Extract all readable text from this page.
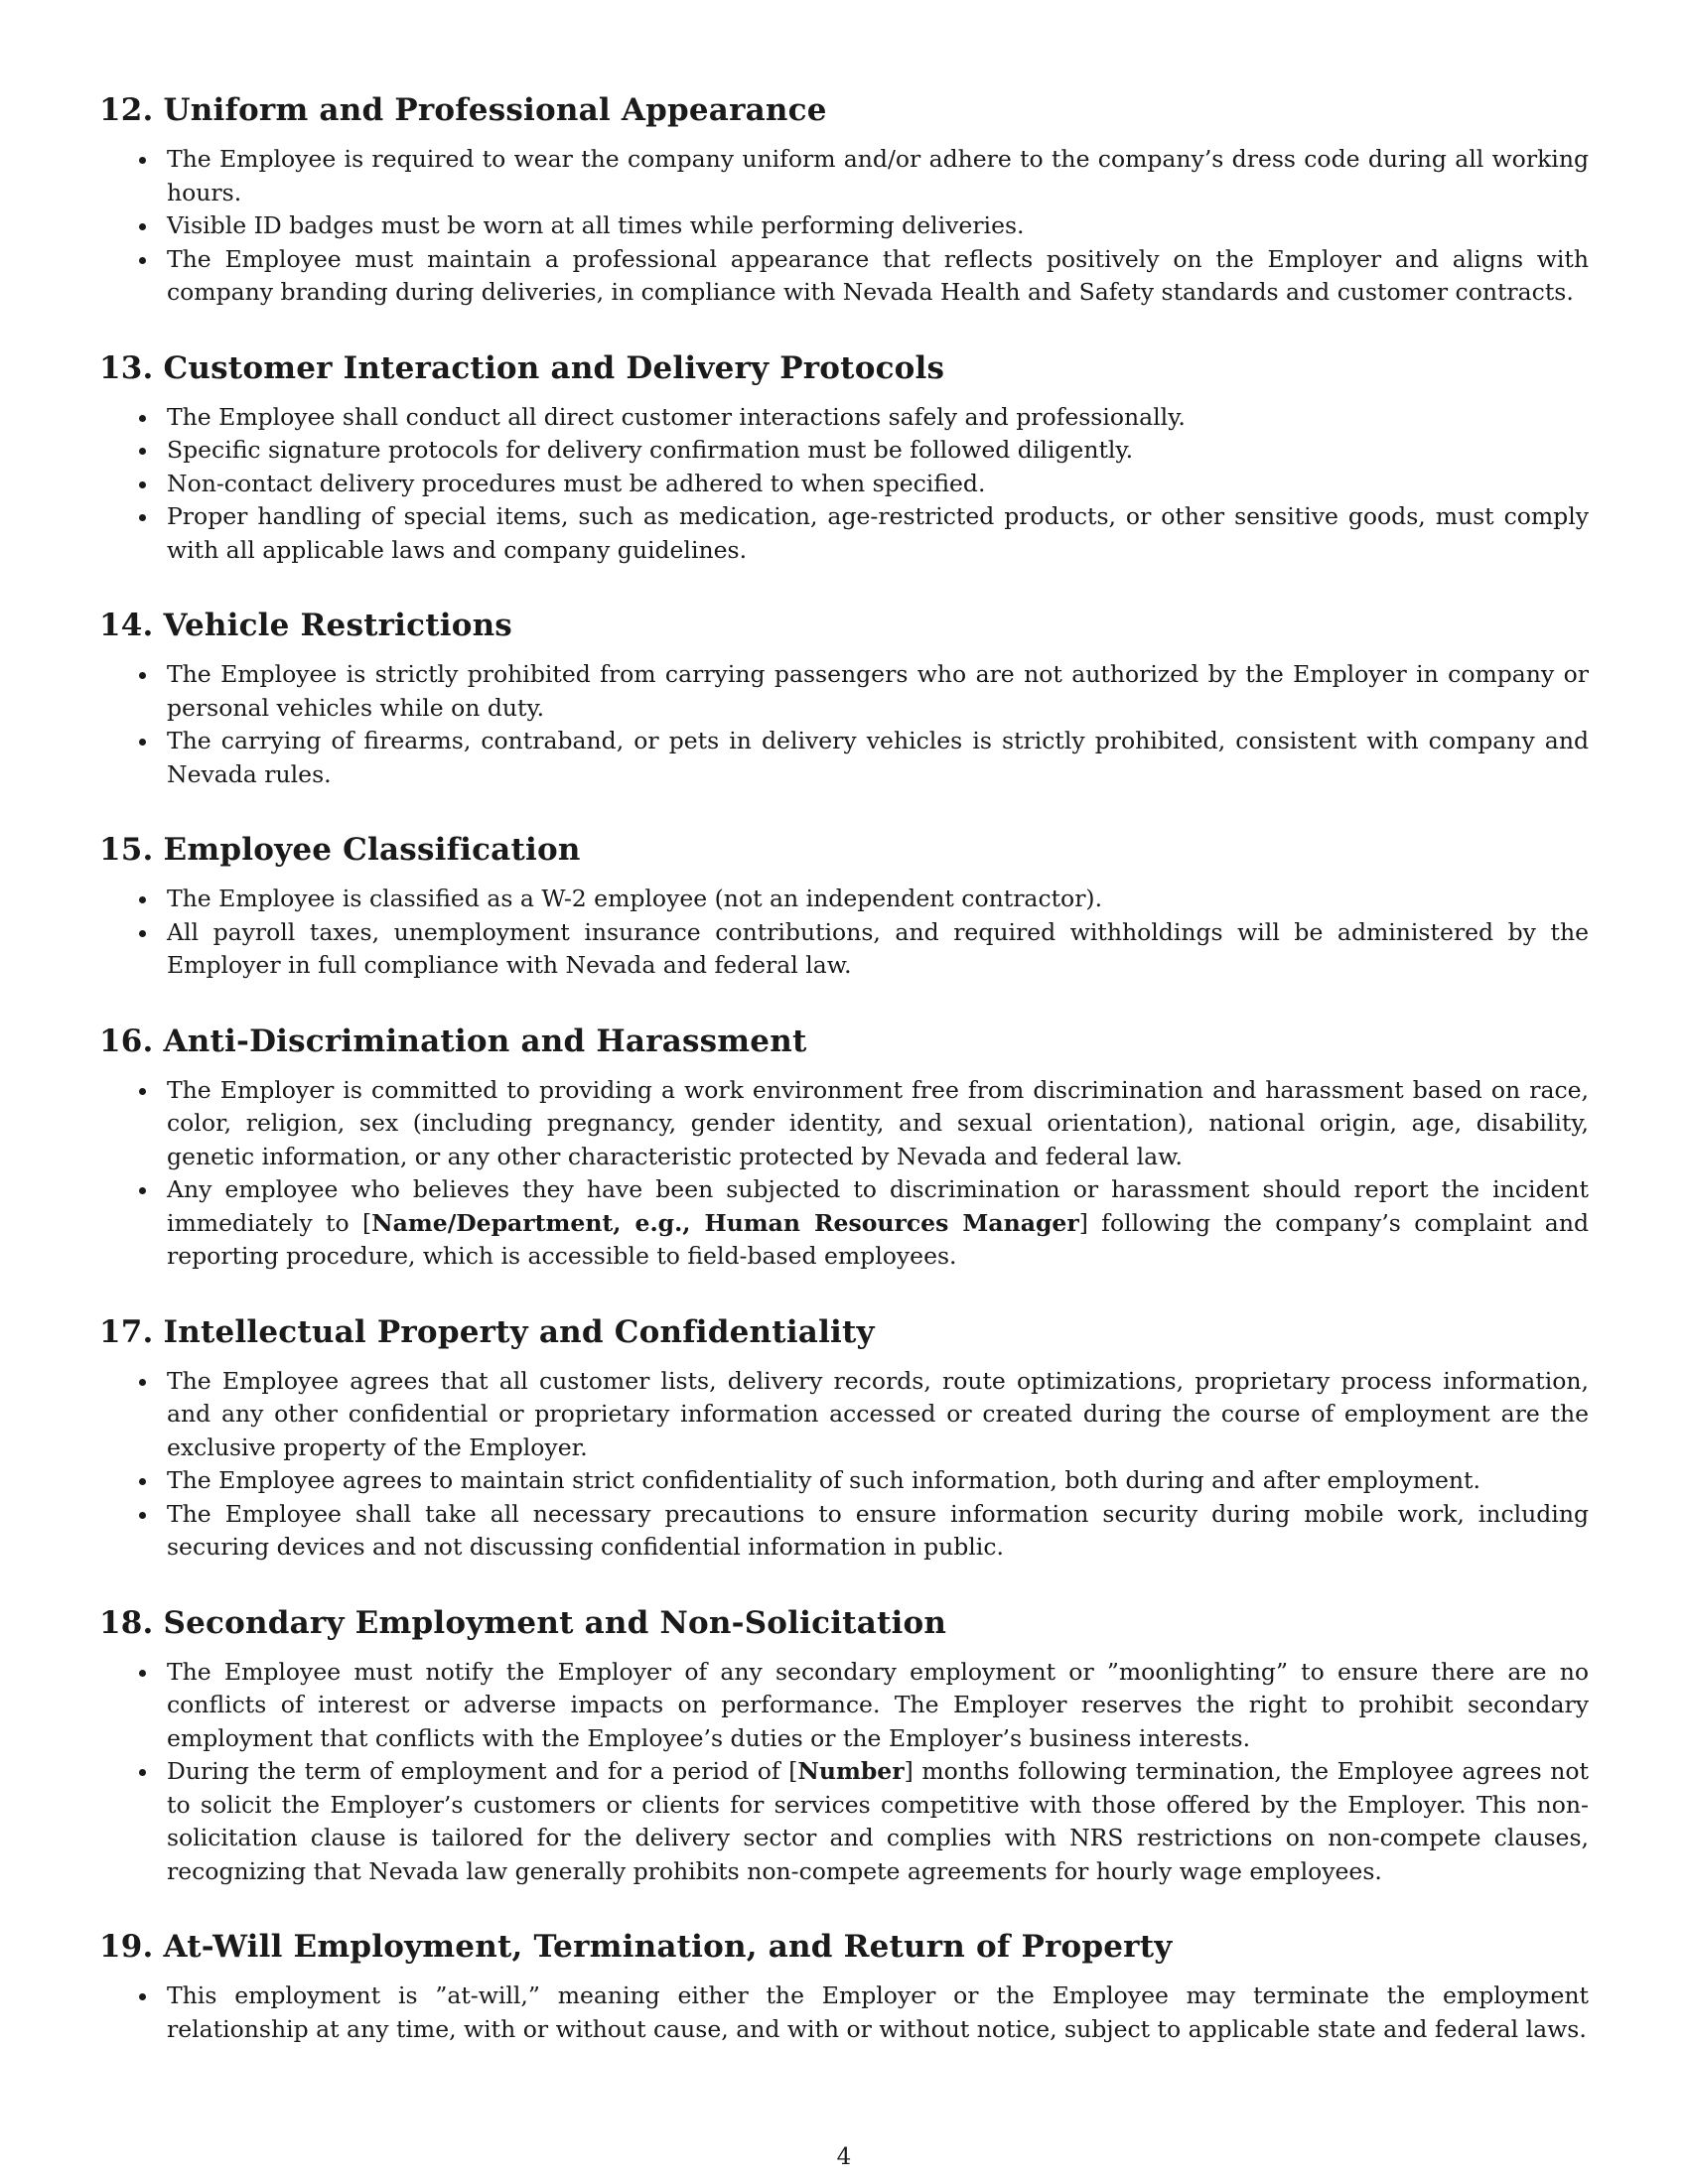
12. Uniform and Professional Appearance
The Employee is required to wear the company uniform and/or adhere to the company’s dress code during all working hours.
Visible ID badges must be worn at all times while performing deliveries.
The Employee must maintain a professional appearance that reflects positively on the Employer and aligns with company branding during deliveries, in compliance with Nevada Health and Safety standards and customer contracts.
13. Customer Interaction and Delivery Protocols
The Employee shall conduct all direct customer interactions safely and professionally.
Specific signature protocols for delivery confirmation must be followed diligently.
Non-contact delivery procedures must be adhered to when specified.
Proper handling of special items, such as medication, age-restricted products, or other sensitive goods, must comply with all applicable laws and company guidelines.
14. Vehicle Restrictions
The Employee is strictly prohibited from carrying passengers who are not authorized by the Employer in company or personal vehicles while on duty.
The carrying of firearms, contraband, or pets in delivery vehicles is strictly prohibited, consistent with company and Nevada rules.
15. Employee Classification
The Employee is classified as a W-2 employee (not an independent contractor).
All payroll taxes, unemployment insurance contributions, and required withholdings will be administered by the Employer in full compliance with Nevada and federal law.
16. Anti-Discrimination and Harassment
The Employer is committed to providing a work environment free from discrimination and harassment based on race, color, religion, sex (including pregnancy, gender identity, and sexual orientation), national origin, age, disability, genetic information, or any other characteristic protected by Nevada and federal law.
Any employee who believes they have been subjected to discrimination or harassment should report the incident immediately to [Name/Department, e.g., Human Resources Manager] following the company’s complaint and reporting procedure, which is accessible to field-based employees.
17. Intellectual Property and Confidentiality
The Employee agrees that all customer lists, delivery records, route optimizations, proprietary process information, and any other confidential or proprietary information accessed or created during the course of employment are the exclusive property of the Employer.
The Employee agrees to maintain strict confidentiality of such information, both during and after employment.
The Employee shall take all necessary precautions to ensure information security during mobile work, including securing devices and not discussing confidential information in public.
18. Secondary Employment and Non-Solicitation
The Employee must notify the Employer of any secondary employment or ”moonlighting” to ensure there are no conflicts of interest or adverse impacts on performance. The Employer reserves the right to prohibit secondary employment that conflicts with the Employee’s duties or the Employer’s business interests.
During the term of employment and for a period of [Number] months following termination, the Employee agrees not to solicit the Employer’s customers or clients for services competitive with those offered by the Employer. This non-solicitation clause is tailored for the delivery sector and complies with NRS restrictions on non-compete clauses, recognizing that Nevada law generally prohibits non-compete agreements for hourly wage employees.
19. At-Will Employment, Termination, and Return of Property
This employment is ”at-will,” meaning either the Employer or the Employee may terminate the employment relationship at any time, with or without cause, and with or without notice, subject to applicable state and federal laws.
4
